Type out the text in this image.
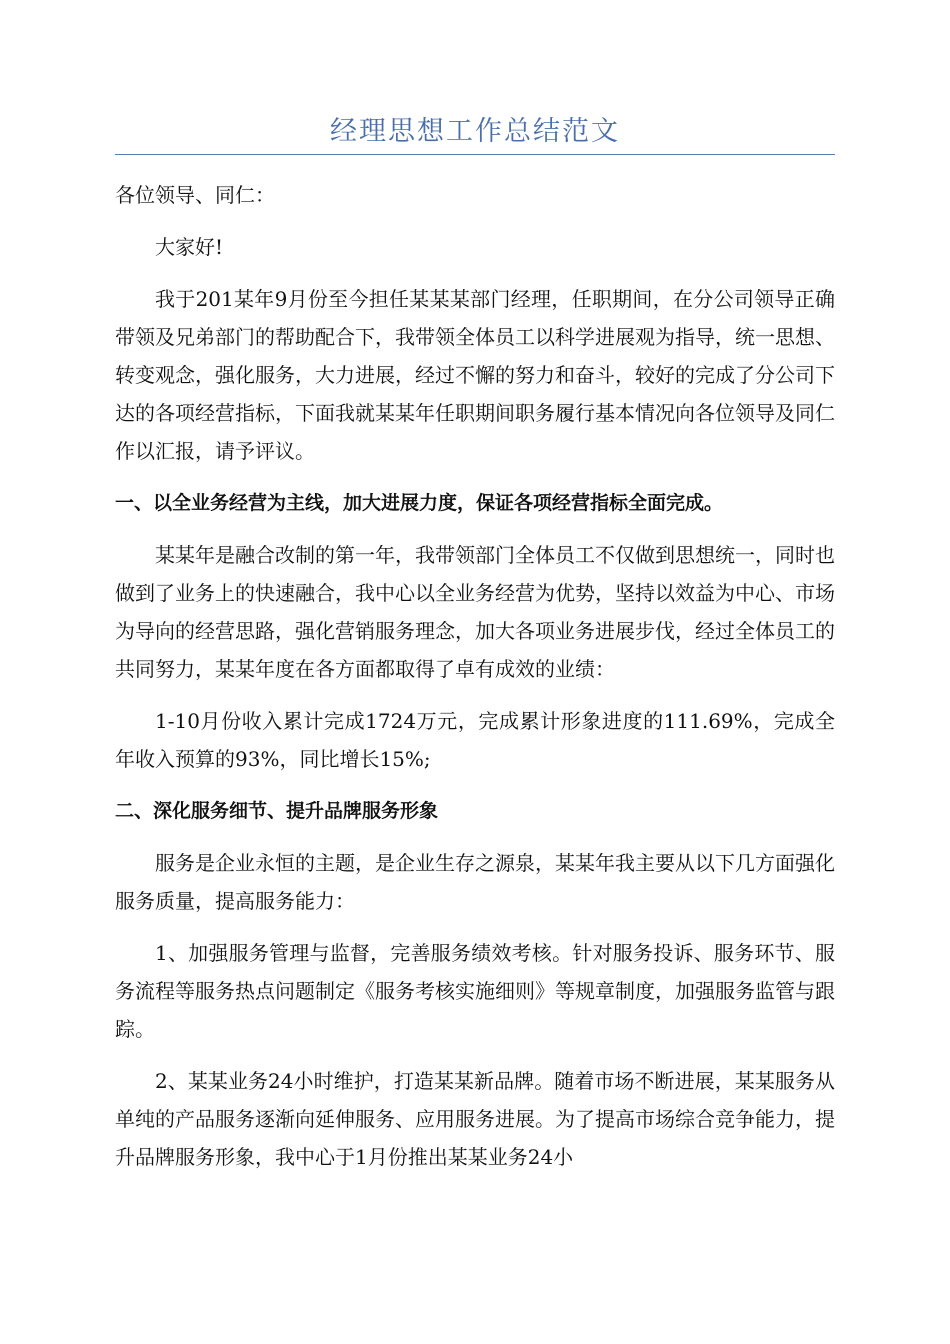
经理思想工作总结范文

各位领导、同仁：

大家好!

我于201某年9月份至今担任某某某部门经理，任职期间，在分公司领导正确带领及兄弟部门的帮助配合下，我带领全体员工以科学进展观为指导，统一思想、转变观念，强化服务，大力进展，经过不懈的努力和奋斗，较好的完成了分公司下达的各项经营指标，下面我就某某年任职期间职务履行基本情况向各位领导及同仁作以汇报，请予评议。

一、以全业务经营为主线，加大进展力度，保证各项经营指标全面完成。

某某年是融合改制的第一年，我带领部门全体员工不仅做到思想统一，同时也做到了业务上的快速融合，我中心以全业务经营为优势，坚持以效益为中心、市场为导向的经营思路，强化营销服务理念，加大各项业务进展步伐，经过全体员工的共同努力，某某年度在各方面都取得了卓有成效的业绩：

1-10月份收入累计完成1724万元，完成累计形象进度的111.69%，完成全年收入预算的93%，同比增长15%;

二、深化服务细节、提升品牌服务形象

服务是企业永恒的主题，是企业生存之源泉，某某年我主要从以下几方面强化服务质量，提高服务能力：

1、加强服务管理与监督，完善服务绩效考核。针对服务投诉、服务环节、服务流程等服务热点问题制定《服务考核实施细则》等规章制度，加强服务监管与跟踪。

2、某某业务24小时维护，打造某某新品牌。随着市场不断进展，某某服务从单纯的产品服务逐渐向延伸服务、应用服务进展。为了提高市场综合竞争能力，提升品牌服务形象，我中心于1月份推出某某业务24小
